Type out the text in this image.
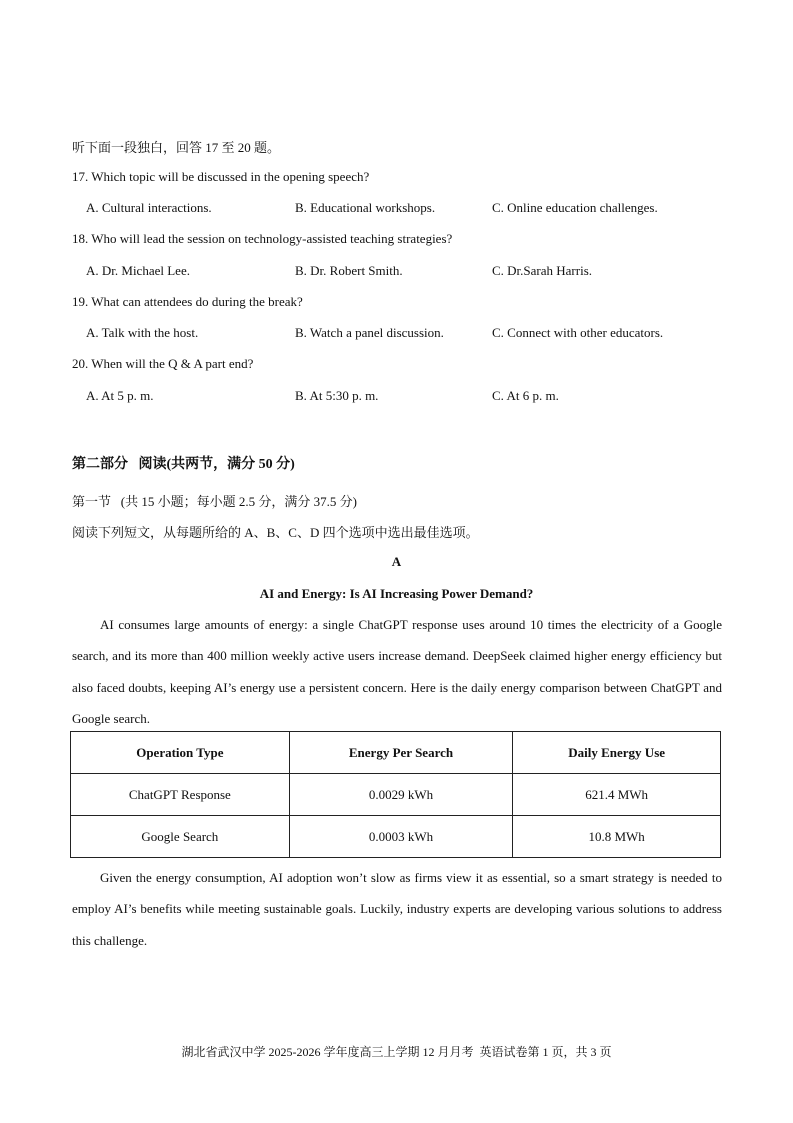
听下面一段独白，回答 17 至 20 题。
17. Which topic will be discussed in the opening speech?
A. Cultural interactions.	B. Educational workshops.	C. Online education challenges.
18. Who will lead the session on technology-assisted teaching strategies?
A. Dr. Michael Lee.	B. Dr. Robert Smith.	C. Dr.Sarah Harris.
19. What can attendees do during the break?
A. Talk with the host.	B. Watch a panel discussion.	C. Connect with other educators.
20. When will the Q & A part end?
A. At 5 p. m.	B. At 5:30 p. m.	C. At 6 p. m.
第二部分   阅读(共两节，满分 50 分)
第一节   (共 15 小题；每小题 2.5 分，满分 37.5 分)
阅读下列短文，从每题所给的 A、B、C、D 四个选项中选出最佳选项。
A
AI and Energy: Is AI Increasing Power Demand?
AI consumes large amounts of energy: a single ChatGPT response uses around 10 times the electricity of a Google search, and its more than 400 million weekly active users increase demand. DeepSeek claimed higher energy efficiency but also faced doubts, keeping AI’s energy use a persistent concern. Here is the daily energy comparison between ChatGPT and Google search.
Operation Type	Energy Per Search	Daily Energy Use
ChatGPT Response	0.0029 kWh	621.4 MWh
Google Search	0.0003 kWh	10.8 MWh
Given the energy consumption, AI adoption won’t slow as firms view it as essential, so a smart strategy is needed to employ AI’s benefits while meeting sustainable goals. Luckily, industry experts are developing various solutions to address this challenge.
湖北省武汉中学 2025-2026 学年度高三上学期 12 月月考  英语试卷第 1 页，共 3 页
